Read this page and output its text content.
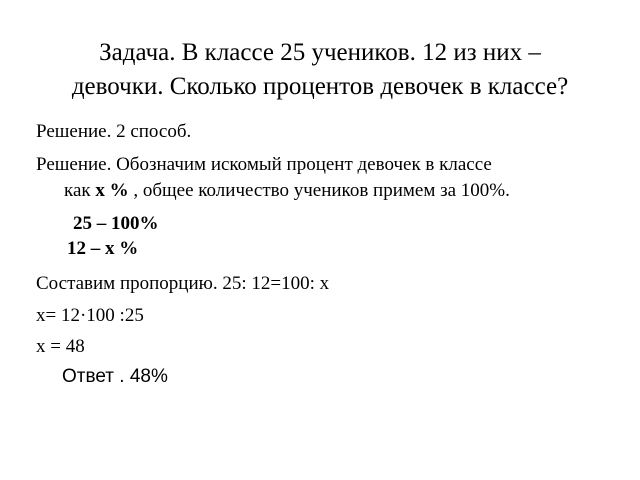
Задача. В классе 25 учеников. 12 из них –
девочки. Сколько процентов девочек в классе?
Решение. 2 способ.
Решение. Обозначим искомый процент девочек в классе
как x % , общее количество учеников примем за 100%.
25 – 100%
12 – x %
Составим пропорцию. 25: 12=100: x
x= 12·100 :25
x = 48
Ответ . 48%
